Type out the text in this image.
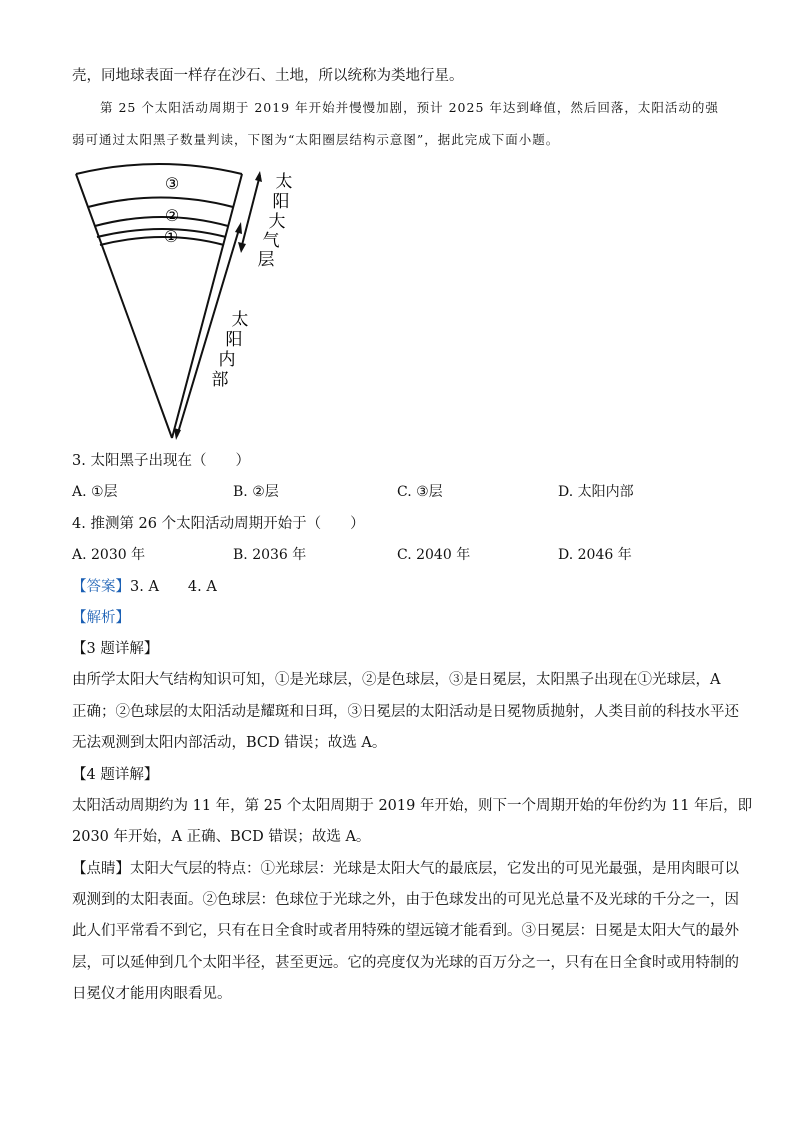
壳，同地球表面一样存在沙石、土地，所以统称为类地行星。
第 25 个太阳活动周期于 2019 年开始并慢慢加剧，预计 2025 年达到峰值，然后回落，太阳活动的强
弱可通过太阳黑子数量判读，下图为“太阳圈层结构示意图”，据此完成下面小题。
③
②
①
太
阳
大
气
层
太
阳
内
部
3. 太阳黑子出现在（　　）
A. ①层	B. ②层	C. ③层	D. 太阳内部
4. 推测第 26 个太阳活动周期开始于（　　）
A. 2030 年	B. 2036 年	C. 2040 年	D. 2046 年
【答案】3. A　　4. A
【解析】
【3 题详解】
由所学太阳大气结构知识可知，①是光球层，②是色球层，③是日冕层，太阳黑子出现在①光球层，A
正确；②色球层的太阳活动是耀斑和日珥，③日冕层的太阳活动是日冕物质抛射，人类目前的科技水平还
无法观测到太阳内部活动，BCD 错误；故选 A。
【4 题详解】
太阳活动周期约为 11 年，第 25 个太阳周期于 2019 年开始，则下一个周期开始的年份约为 11 年后，即
2030 年开始，A 正确、BCD 错误；故选 A。
【点睛】太阳大气层的特点：①光球层：光球是太阳大气的最底层，它发出的可见光最强，是用肉眼可以
观测到的太阳表面。②色球层：色球位于光球之外，由于色球发出的可见光总量不及光球的千分之一，因
此人们平常看不到它，只有在日全食时或者用特殊的望远镜才能看到。③日冕层：日冕是太阳大气的最外
层，可以延伸到几个太阳半径，甚至更远。它的亮度仅为光球的百万分之一，只有在日全食时或用特制的
日冕仪才能用肉眼看见。
